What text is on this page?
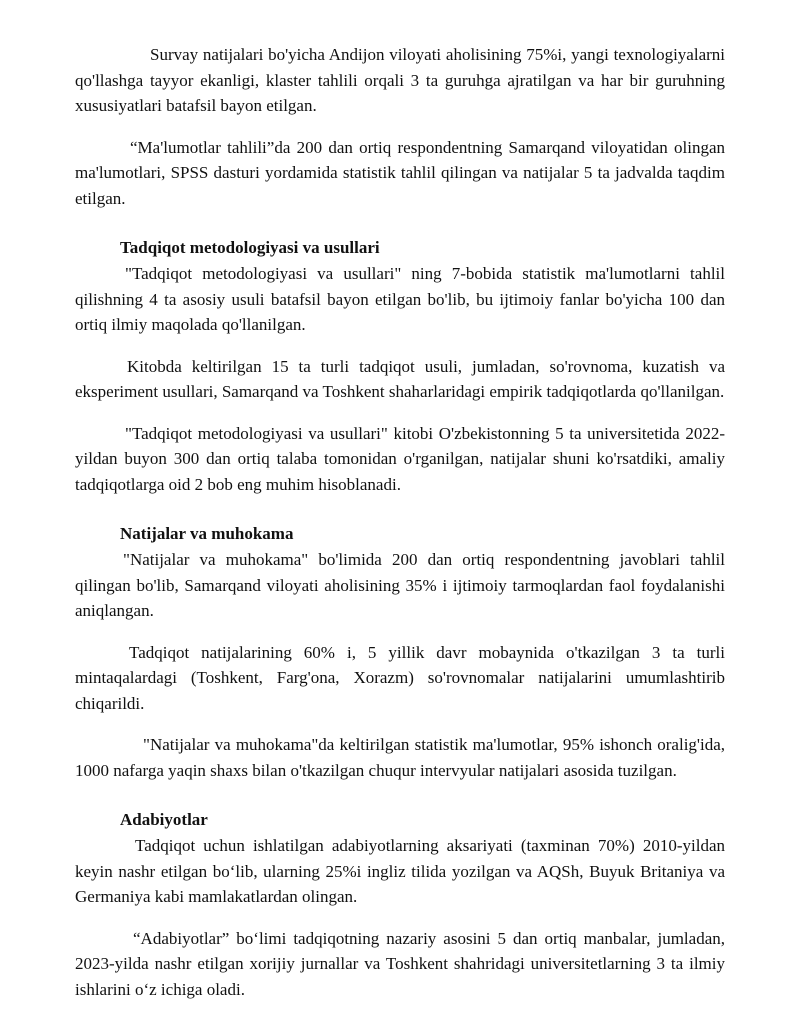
Survay natijalari bo'yicha Andijon viloyati aholisining 75%i, yangi texnologiyalarni qo'llashga tayyor ekanligi, klaster tahlili orqali 3 ta guruhga ajratilgan va har bir guruhning xususiyatlari batafsil bayon etilgan.

“Ma'lumotlar tahlili”da 200 dan ortiq respondentning Samarqand viloyatidan olingan ma'lumotlari, SPSS dasturi yordamida statistik tahlil qilingan va natijalar 5 ta jadvalda taqdim etilgan.

Tadqiqot metodologiyasi va usullari

"Tadqiqot metodologiyasi va usullari" ning 7-bobida statistik ma'lumotlarni tahlil qilishning 4 ta asosiy usuli batafsil bayon etilgan bo'lib, bu ijtimoiy fanlar bo'yicha 100 dan ortiq ilmiy maqolada qo'llanilgan.

Kitobda keltirilgan 15 ta turli tadqiqot usuli, jumladan, so'rovnoma, kuzatish va eksperiment usullari, Samarqand va Toshkent shaharlaridagi empirik tadqiqotlarda qo'llanilgan.

"Tadqiqot metodologiyasi va usullari" kitobi O'zbekistonning 5 ta universitetida 2022-yildan buyon 300 dan ortiq talaba tomonidan o'rganilgan, natijalar shuni ko'rsatdiki, amaliy tadqiqotlarga oid 2 bob eng muhim hisoblanadi.

Natijalar va muhokama

"Natijalar va muhokama" bo'limida 200 dan ortiq respondentning javoblari tahlil qilingan bo'lib, Samarqand viloyati aholisining 35% i ijtimoiy tarmoqlardan faol foydalanishi aniqlangan.

Tadqiqot natijalarining 60% i, 5 yillik davr mobaynida o'tkazilgan 3 ta turli mintaqalardagi (Toshkent, Farg'ona, Xorazm) so'rovnomalar natijalarini umumlashtirib chiqarildi.

"Natijalar va muhokama"da keltirilgan statistik ma'lumotlar, 95% ishonch oralig'ida, 1000 nafarga yaqin shaxs bilan o'tkazilgan chuqur intervyular natijalari asosida tuzilgan.

Adabiyotlar

Tadqiqot uchun ishlatilgan adabiyotlarning aksariyati (taxminan 70%) 2010-yildan keyin nashr etilgan bo‘lib, ularning 25%i ingliz tilida yozilgan va AQSh, Buyuk Britaniya va Germaniya kabi mamlakatlardan olingan.

“Adabiyotlar” bo‘limi tadqiqotning nazariy asosini 5 dan ortiq manbalar, jumladan, 2023-yilda nashr etilgan xorijiy jurnallar va Toshkent shahridagi universitetlarning 3 ta ilmiy ishlarini o‘z ichiga oladi.
